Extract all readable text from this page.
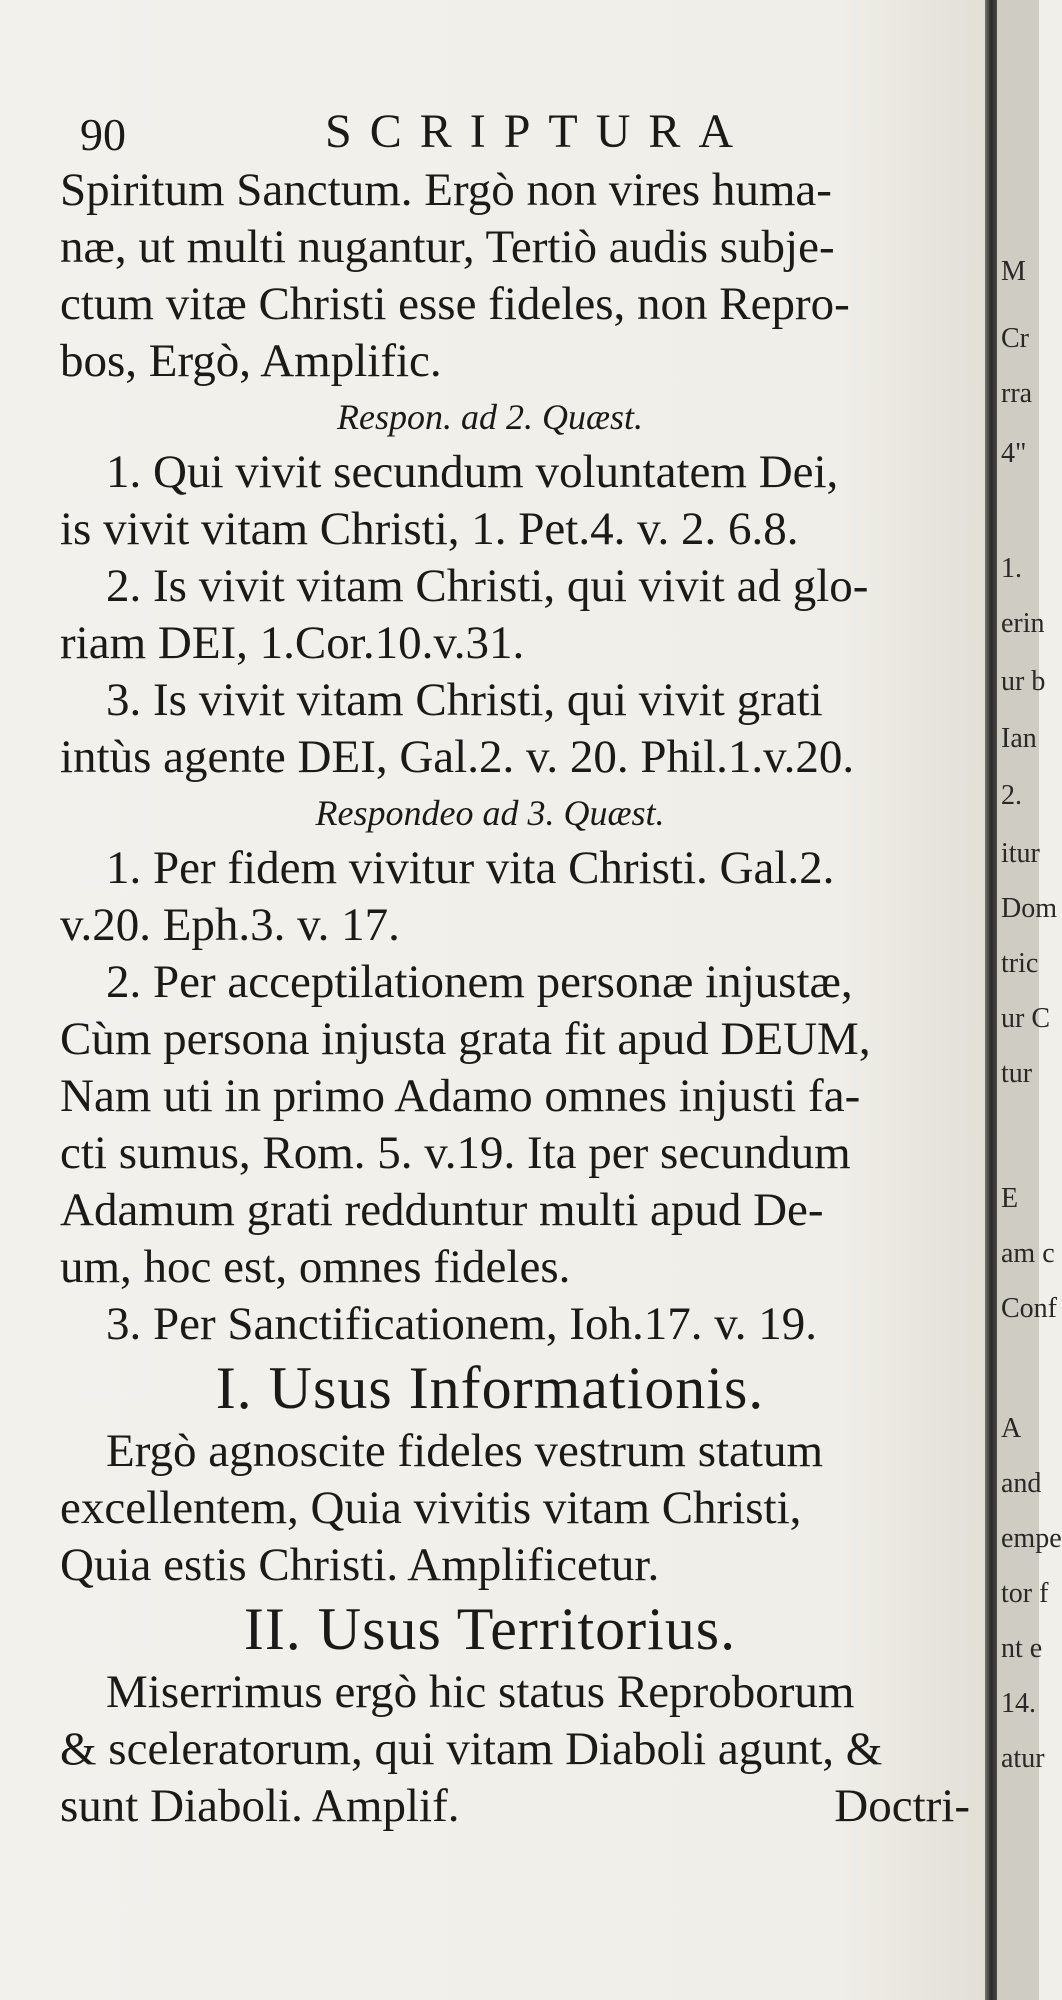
90	SCRIPTURA
Spiritum Sanctum. Ergò non vires huma-
næ, ut multi nugantur, Tertiò audis subje-
ctum vitæ Christi esse fideles, non Repro-
bos, Ergò, Amplific.
Respon. ad 2. Quæst.
1. Qui vivit secundum voluntatem Dei,
is vivit vitam Christi, 1. Pet.4. v. 2. 6.8.
2. Is vivit vitam Christi, qui vivit ad glo-
riam DEI, 1.Cor.10.v.31.
3. Is vivit vitam Christi, qui vivit grati
intùs agente DEI, Gal.2. v. 20. Phil.1.v.20.
Respondeo ad 3. Quæst.
1. Per fidem vivitur vita Christi. Gal.2.
v.20. Eph.3. v. 17.
2. Per acceptilationem personæ injustæ,
Cùm persona injusta grata fit apud DEUM,
Nam uti in primo Adamo omnes injusti fa-
cti sumus, Rom. 5. v.19. Ita per secundum
Adamum grati redduntur multi apud De-
um, hoc est, omnes fideles.
3. Per Sanctificationem, Ioh.17. v. 19.
I. Usus Informationis.
Ergò agnoscite fideles vestrum statum
excellentem, Quia vivitis vitam Christi,
Quia estis Christi. Amplificetur.
II. Usus Territorius.
Miserrimus ergò hic status Reproborum
& sceleratorum, qui vitam Diaboli agunt, &
sunt Diaboli. Amplif.	Doctri-
M
Cr
rra
4"
1.
erin
ur b
Ian
2.
itur
Dom
tric
ur C
tur
E
am c
Conf
A
and
empe
tor f
nt e
14.
atur
